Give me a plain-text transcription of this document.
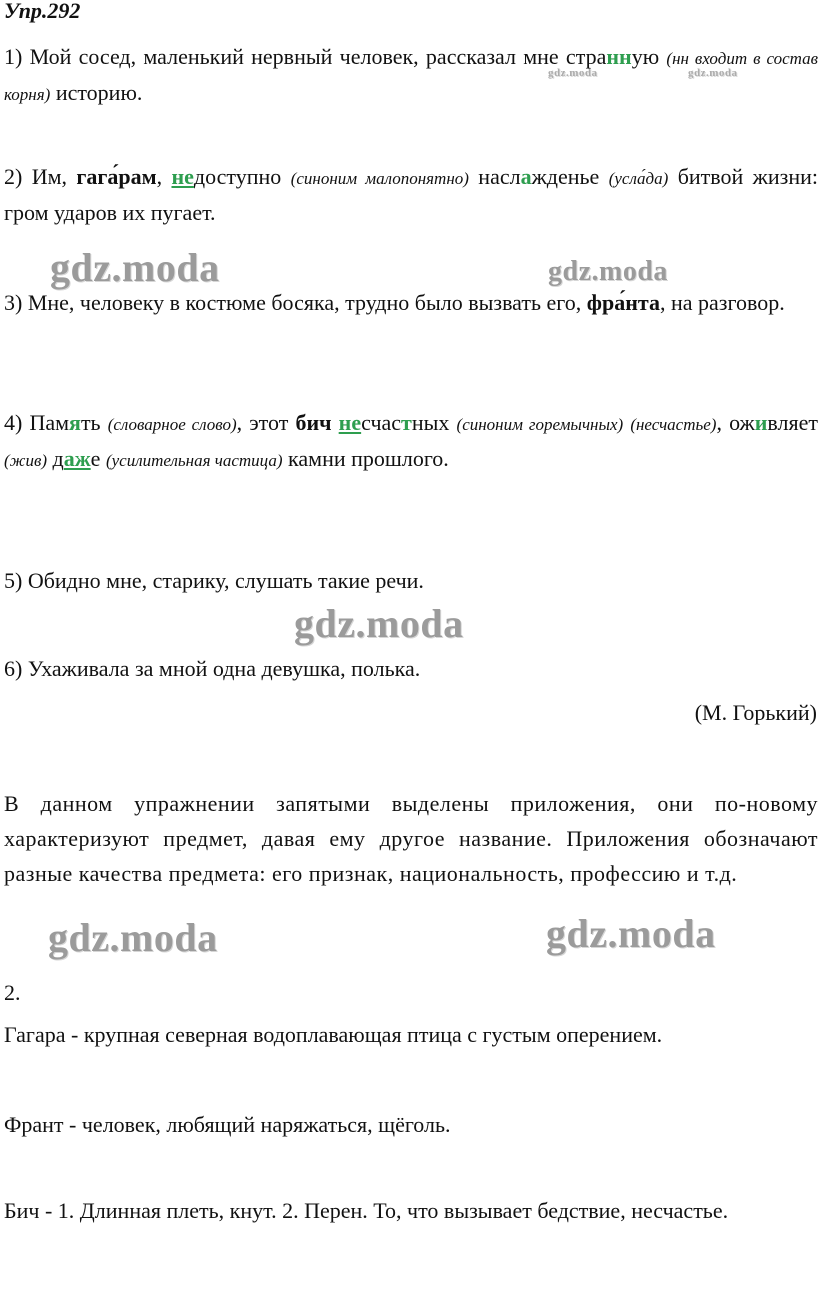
Упр.292

1) Мой сосед, маленький нервный человек, рассказал мне странную (нн входит в состав корня) историю.

gdz.moda	gdz.moda

2) Им, гага́рам, недоступно (синоним малопонятно) наслажденье (усла́да) битвой жизни: гром ударов их пугает.

gdz.moda	gdz.moda

3) Мне, человеку в костюме босяка, трудно было вызвать его, фра́нта, на разговор.

4) Память (словарное слово), этот бич несчастных (синоним горемычных) (несчастье), оживляет (жив) даже (усилительная частица) камни прошлого.

5) Обидно мне, старику, слушать такие речи.

gdz.moda

6) Ухаживала за мной одна девушка, полька.

(М. Горький)

В данном упражнении запятыми выделены приложения, они по-новому характеризуют предмет, давая ему другое название. Приложения обозначают разные качества предмета: его признак, национальность, профессию и т.д.

gdz.moda	gdz.moda

2.

Гагара - крупная северная водоплавающая птица с густым оперением.

Франт - человек, любящий наряжаться, щёголь.

Бич - 1. Длинная плеть, кнут. 2. Перен. То, что вызывает бедствие, несчастье.
